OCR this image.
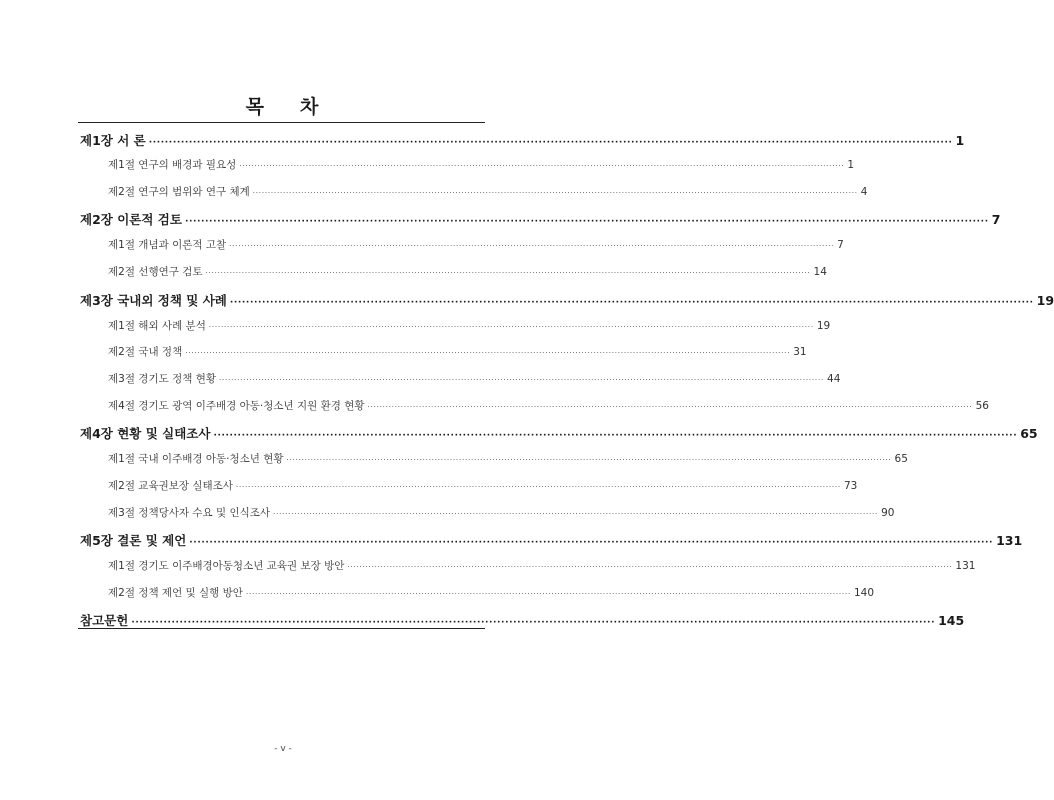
목 차
제1장 서 론 ········································································································································································································ 1
제1절 연구의 배경과 필요성 ········································································································································································································ 1
제2절 연구의 범위와 연구 체계 ········································································································································································································ 4
제2장 이론적 검토 ········································································································································································································ 7
제1절 개념과 이론적 고찰 ········································································································································································································ 7
제2절 선행연구 검토 ········································································································································································································ 14
제3장 국내외 정책 및 사례 ········································································································································································································ 19
제1절 해외 사례 분석 ········································································································································································································ 19
제2절 국내 정책 ········································································································································································································ 31
제3절 경기도 정책 현황 ········································································································································································································ 44
제4절 경기도 광역 이주배경 아동·청소년 지원 환경 현황 ········································································································································································································ 56
제4장 현황 및 실태조사 ········································································································································································································ 65
제1절 국내 이주배경 아동·청소년 현황 ········································································································································································································ 65
제2절 교육권보장 실태조사 ········································································································································································································ 73
제3절 정책당사자 수요 및 인식조사 ········································································································································································································ 90
제5장 결론 및 제언 ········································································································································································································ 131
제1절 경기도 이주배경아동청소년 교육권 보장 방안 ········································································································································································································ 131
제2절 정책 제언 및 실행 방안 ········································································································································································································ 140
참고문헌 ········································································································································································································ 145
- v -
